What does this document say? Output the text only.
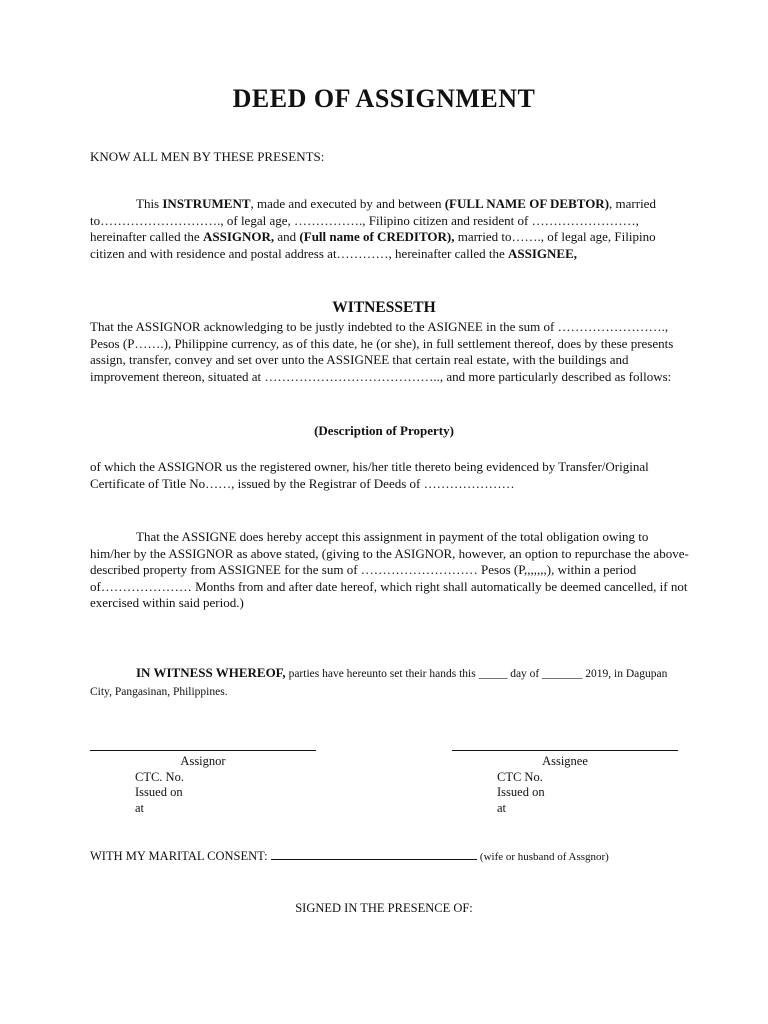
DEED OF ASSIGNMENT
KNOW ALL MEN BY THESE PRESENTS:
This INSTRUMENT, made and executed by and between (FULL NAME OF DEBTOR), married to………………………., of legal age, ……………., Filipino citizen and resident of ……………………, hereinafter called the ASSIGNOR, and (Full name of CREDITOR), married to……., of legal age, Filipino citizen and with residence and postal address at…………, hereinafter called the ASSIGNEE,
WITNESSETH
That the ASSIGNOR acknowledging to be justly indebted to the ASIGNEE in the sum of ……………………., Pesos (P…….), Philippine currency, as of this date, he (or she), in full settlement thereof, does by these presents assign, transfer, convey and set over unto the ASSIGNEE that certain real estate, with the buildings and improvement thereon, situated at ………………………………….., and more particularly described as follows:
(Description of Property)
of which the ASSIGNOR us the registered owner, his/her title thereto being evidenced by Transfer/Original Certificate of Title No……, issued by the Registrar of Deeds of …………………
That the ASSIGNE does hereby accept this assignment in payment of the total obligation owing to him/her by the ASSIGNOR as above stated, (giving to the ASIGNOR, however, an option to repurchase the above-described property from ASSIGNEE for the sum of ……………………… Pesos (P,,,,,,,), within a period of………………… Months from and after date hereof, which right shall automatically be deemed cancelled, if not exercised within said period.)
IN WITNESS WHEREOF, parties have hereunto set their hands this _____ day of _______ 2019, in Dagupan City, Pangasinan, Philippines.
Assignor
CTC. No.
Issued on
at
Assignee
CTC No.
Issued on
at
WITH MY MARITAL CONSENT:	(wife or husband of Assgnor)
SIGNED IN THE PRESENCE OF:
